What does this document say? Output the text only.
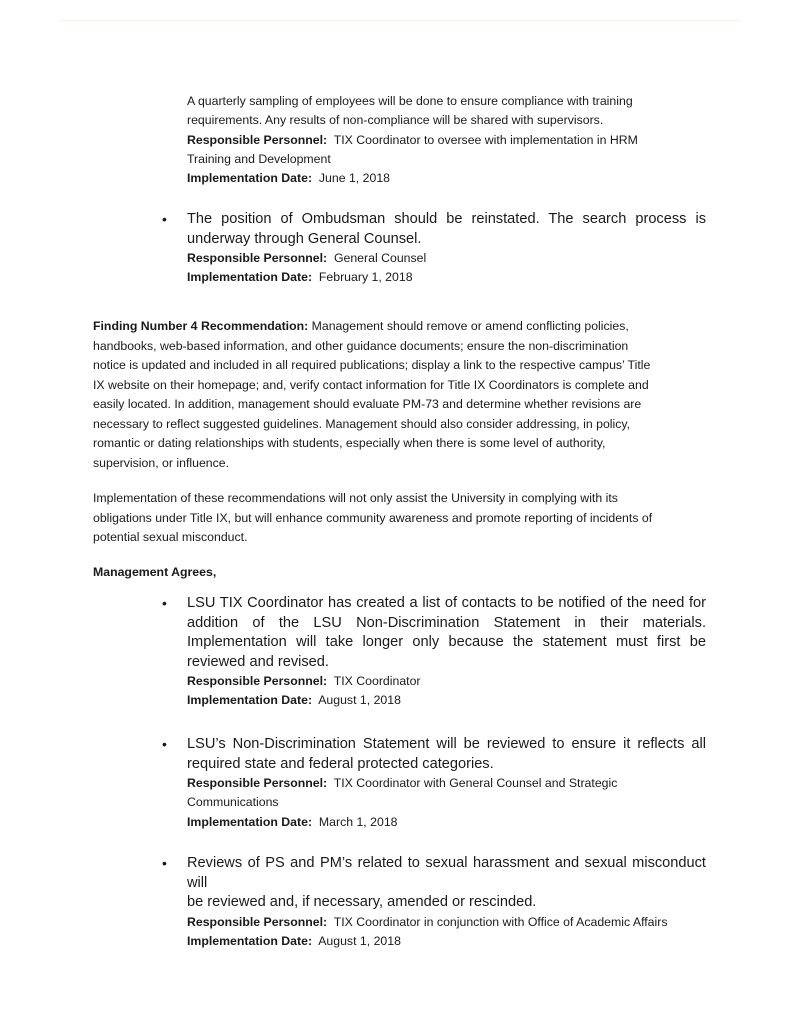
A quarterly sampling of employees will be done to ensure compliance with training
requirements. Any results of non-compliance will be shared with supervisors.
Responsible Personnel: TIX Coordinator to oversee with implementation in HRM
Training and Development
Implementation Date: June 1, 2018
• The position of Ombudsman should be reinstated. The search process is
underway through General Counsel.
Responsible Personnel: General Counsel
Implementation Date: February 1, 2018
Finding Number 4 Recommendation: Management should remove or amend conflicting policies,
handbooks, web-based information, and other guidance documents; ensure the non-discrimination
notice is updated and included in all required publications; display a link to the respective campus’ Title
IX website on their homepage; and, verify contact information for Title IX Coordinators is complete and
easily located. In addition, management should evaluate PM-73 and determine whether revisions are
necessary to reflect suggested guidelines. Management should also consider addressing, in policy,
romantic or dating relationships with students, especially when there is some level of authority,
supervision, or influence.
Implementation of these recommendations will not only assist the University in complying with its
obligations under Title IX, but will enhance community awareness and promote reporting of incidents of
potential sexual misconduct.
Management Agrees,
• LSU TIX Coordinator has created a list of contacts to be notified of the need for
addition of the LSU Non-Discrimination Statement in their materials.
Implementation will take longer only because the statement must first be
reviewed and revised.
Responsible Personnel: TIX Coordinator
Implementation Date: August 1, 2018
• LSU’s Non-Discrimination Statement will be reviewed to ensure it reflects all
required state and federal protected categories.
Responsible Personnel: TIX Coordinator with General Counsel and Strategic
Communications
Implementation Date: March 1, 2018
• Reviews of PS and PM’s related to sexual harassment and sexual misconduct will
be reviewed and, if necessary, amended or rescinded.
Responsible Personnel: TIX Coordinator in conjunction with Office of Academic Affairs
Implementation Date: August 1, 2018
